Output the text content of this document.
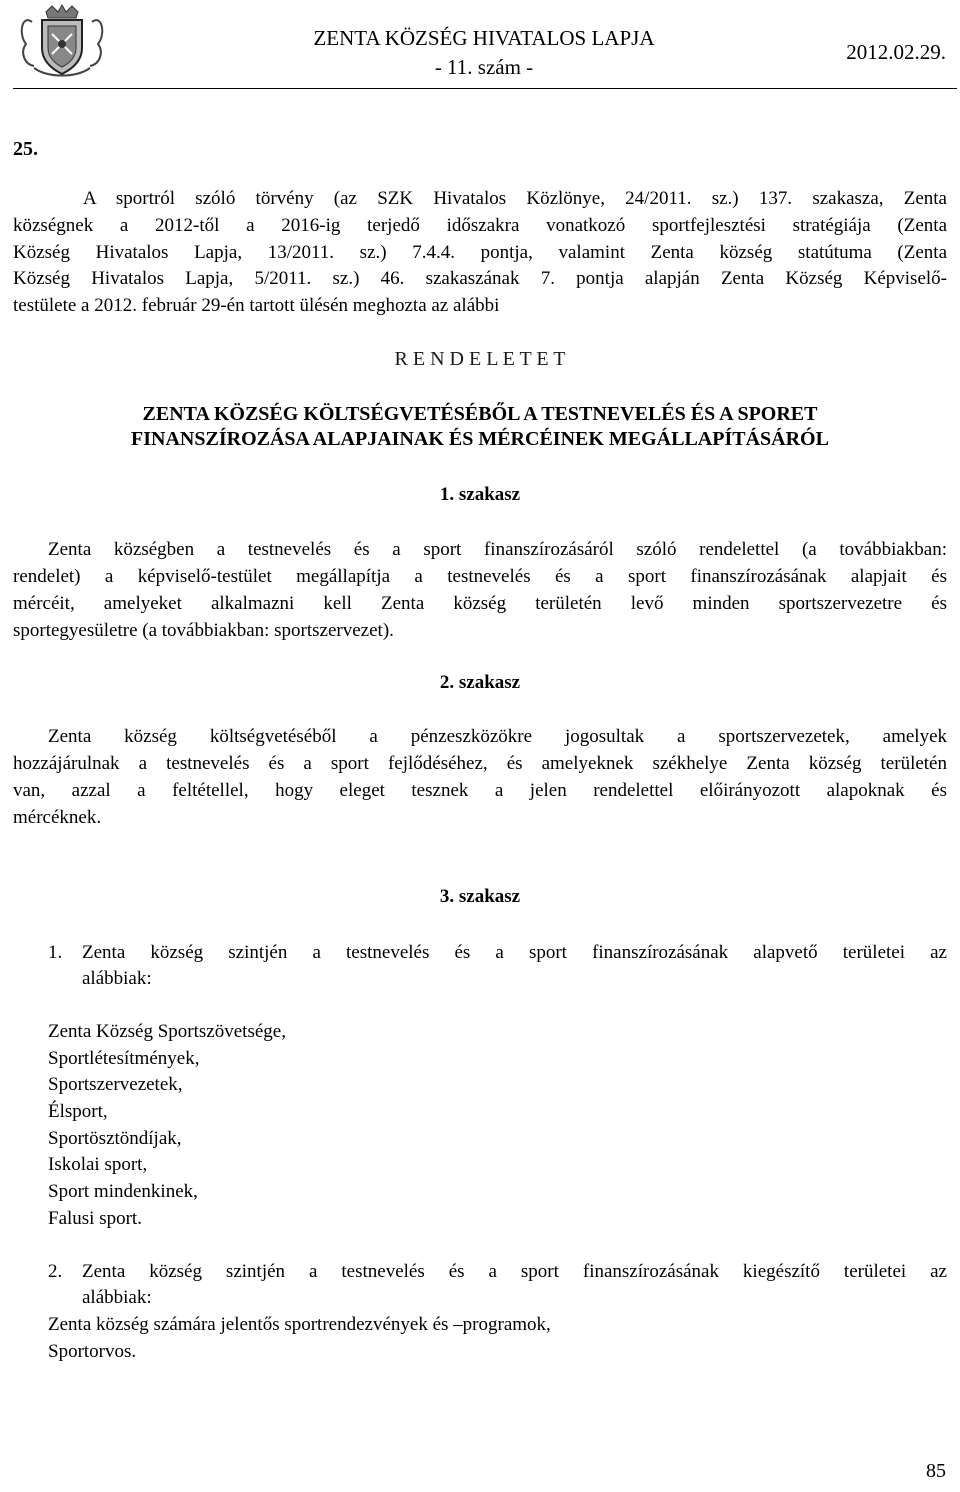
ZENTA KÖZSÉG HIVATALOS LAPJA
- 11. szám -
2012.02.29.
25.
A sportról szóló törvény (az SZK Hivatalos Közlönye, 24/2011. sz.) 137. szakasza, Zenta
községnek a 2012-től a 2016-ig terjedő időszakra vonatkozó sportfejlesztési stratégiája (Zenta
Község Hivatalos Lapja, 13/2011. sz.) 7.4.4. pontja, valamint Zenta község statútuma (Zenta
Község Hivatalos Lapja, 5/2011. sz.) 46. szakaszának 7. pontja alapján Zenta Község Képviselő-
testülete a 2012. február 29-én tartott ülésén meghozta az alábbi
R E N D E L E T E T
ZENTA KÖZSÉG KÖLTSÉGVETÉSÉBŐL A TESTNEVELÉS ÉS A SPORET
FINANSZÍROZÁSA ALAPJAINAK ÉS MÉRCÉINEK MEGÁLLAPÍTÁSÁRÓL
1. szakasz
Zenta községben a testnevelés és a sport finanszírozásáról szóló rendelettel (a továbbiakban:
rendelet) a képviselő-testület megállapítja a testnevelés és a sport finanszírozásának alapjait és
mércéit, amelyeket alkalmazni kell Zenta község területén levő minden sportszervezetre és
sportegyesületre (a továbbiakban: sportszervezet).
2. szakasz
Zenta község költségvetéséből a pénzeszközökre jogosultak a sportszervezetek, amelyek
hozzájárulnak a testnevelés és a sport fejlődéséhez, és amelyeknek székhelye Zenta község területén
van, azzal a feltétellel, hogy eleget tesznek a jelen rendelettel előirányozott alapoknak és
mércéknek.
3. szakasz
1. Zenta község szintjén a testnevelés és a sport finanszírozásának alapvető területei az
alábbiak:
Zenta Község Sportszövetsége,
Sportlétesítmények,
Sportszervezetek,
Élsport,
Sportösztöndíjak,
Iskolai sport,
Sport mindenkinek,
Falusi sport.
2. Zenta község szintjén a testnevelés és a sport finanszírozásának kiegészítő területei az
alábbiak:
Zenta község számára jelentős sportrendezvények és –programok,
Sportorvos.
85
